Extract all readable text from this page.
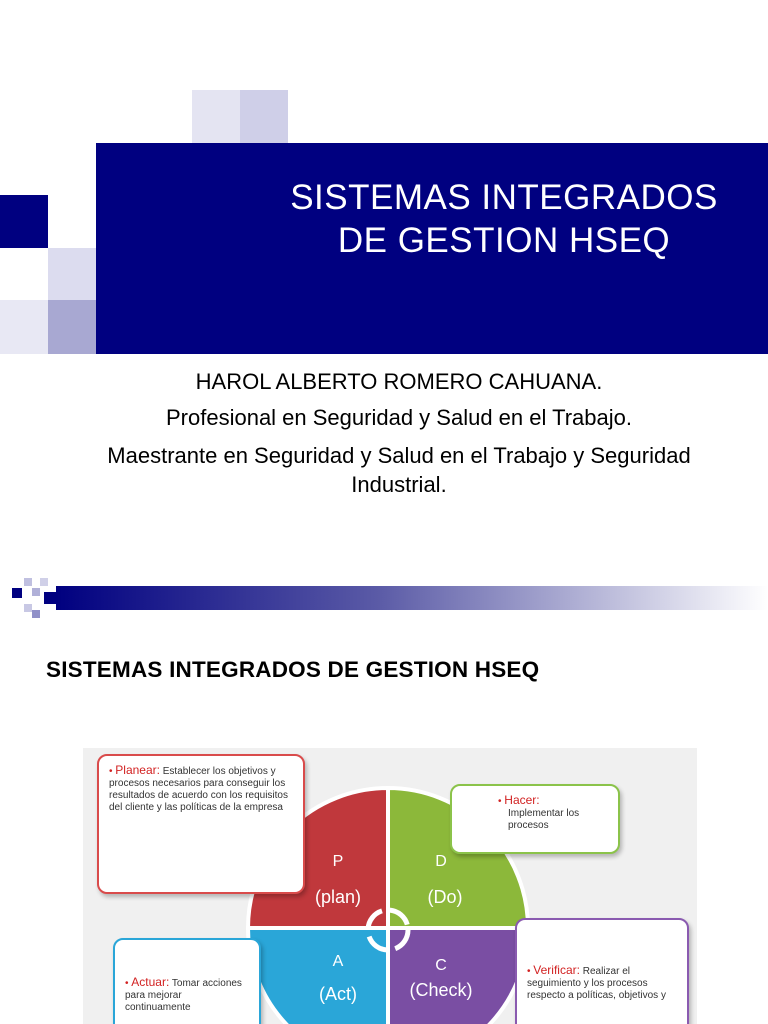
SISTEMAS INTEGRADOS
DE GESTION HSEQ
HAROL ALBERTO ROMERO CAHUANA.
Profesional en Seguridad y Salud en el Trabajo.
Maestrante en Seguridad y Salud en el Trabajo y Seguridad
Industrial.
SISTEMAS INTEGRADOS DE GESTION HSEQ
P
(plan)
D
(Do)
A
(Act)
C
(Check)
• Planear: Establecer los objetivos y procesos necesarios para conseguir los resultados de acuerdo con los requisitos del cliente y las políticas de la empresa
• Hacer:
Implementar los procesos
• Actuar: Tomar acciones para mejorar continuamente
• Verificar: Realizar el seguimiento y los procesos respecto a políticas, objetivos y
